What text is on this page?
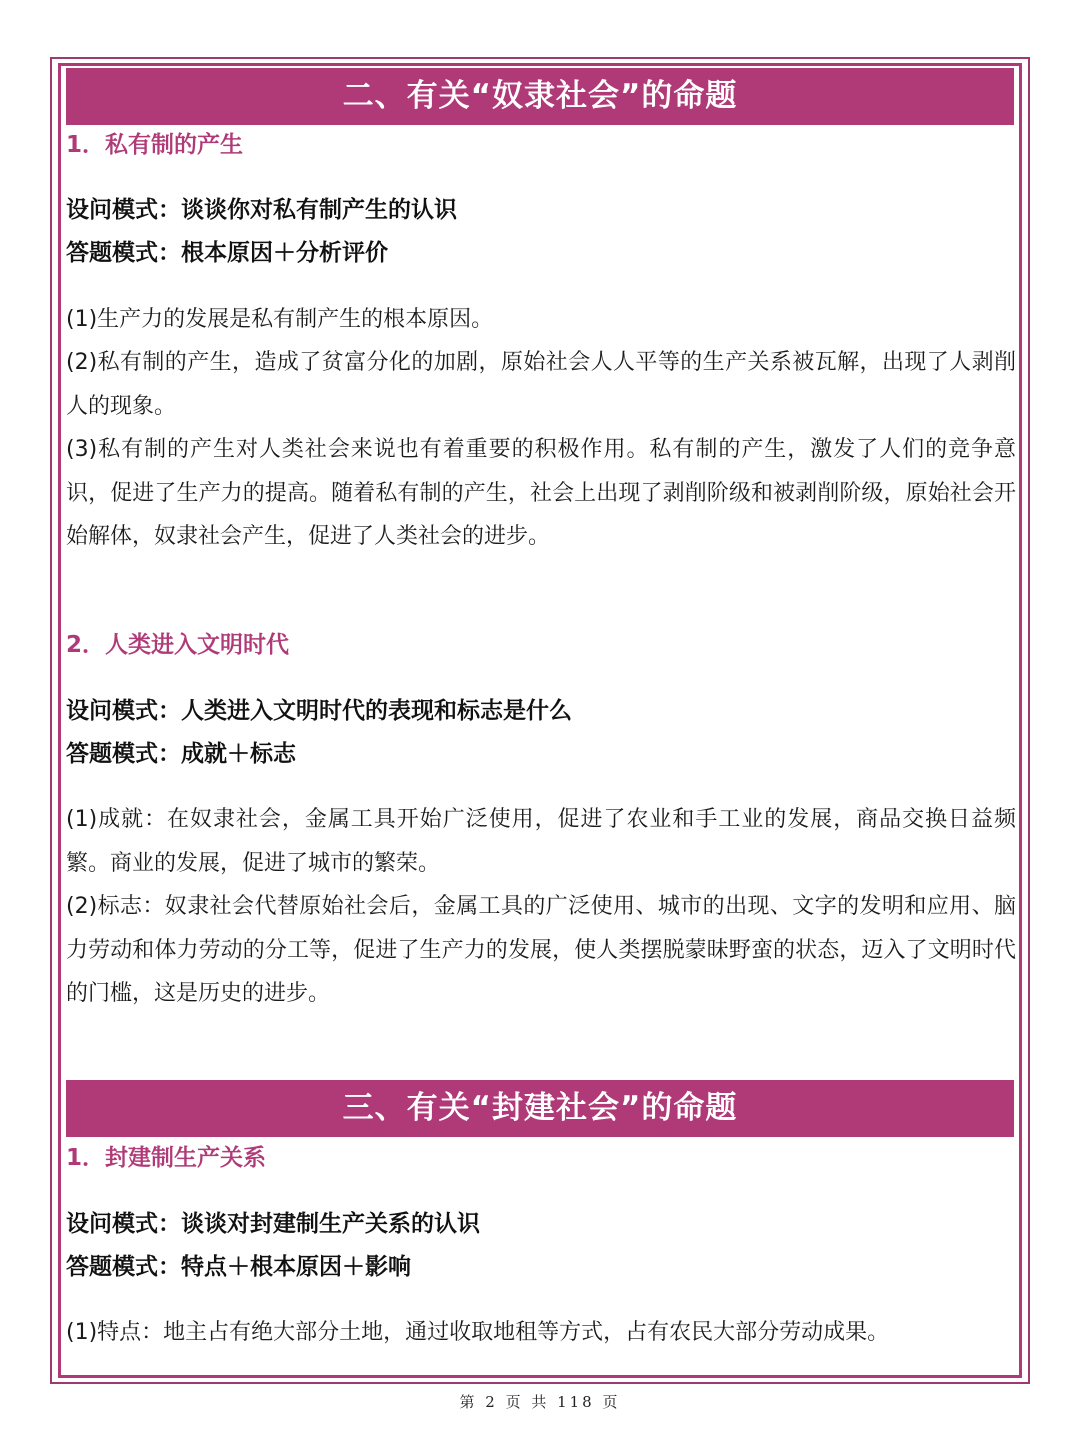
二、有关“奴隶社会”的命题
1．私有制的产生
设问模式：谈谈你对私有制产生的认识
答题模式：根本原因＋分析评价

(1)生产力的发展是私有制产生的根本原因。

(2)私有制的产生，造成了贫富分化的加剧，原始社会人人平等的生产关系被瓦解，出现了人剥削人的现象。

(3)私有制的产生对人类社会来说也有着重要的积极作用。私有制的产生，激发了人们的竞争意识，促进了生产力的提高。随着私有制的产生，社会上出现了剥削阶级和被剥削阶级，原始社会开始解体，奴隶社会产生，促进了人类社会的进步。

2．人类进入文明时代
设问模式：人类进入文明时代的表现和标志是什么
答题模式：成就＋标志

(1)成就：在奴隶社会，金属工具开始广泛使用，促进了农业和手工业的发展，商品交换日益频繁。商业的发展，促进了城市的繁荣。

(2)标志：奴隶社会代替原始社会后，金属工具的广泛使用、城市的出现、文字的发明和应用、脑力劳动和体力劳动的分工等，促进了生产力的发展，使人类摆脱蒙昧野蛮的状态，迈入了文明时代的门槛，这是历史的进步。

三、有关“封建社会”的命题
1．封建制生产关系
设问模式：谈谈对封建制生产关系的认识
答题模式：特点＋根本原因＋影响

(1)特点：地主占有绝大部分土地，通过收取地租等方式，占有农民大部分劳动成果。

第 2 页 共 118 页
